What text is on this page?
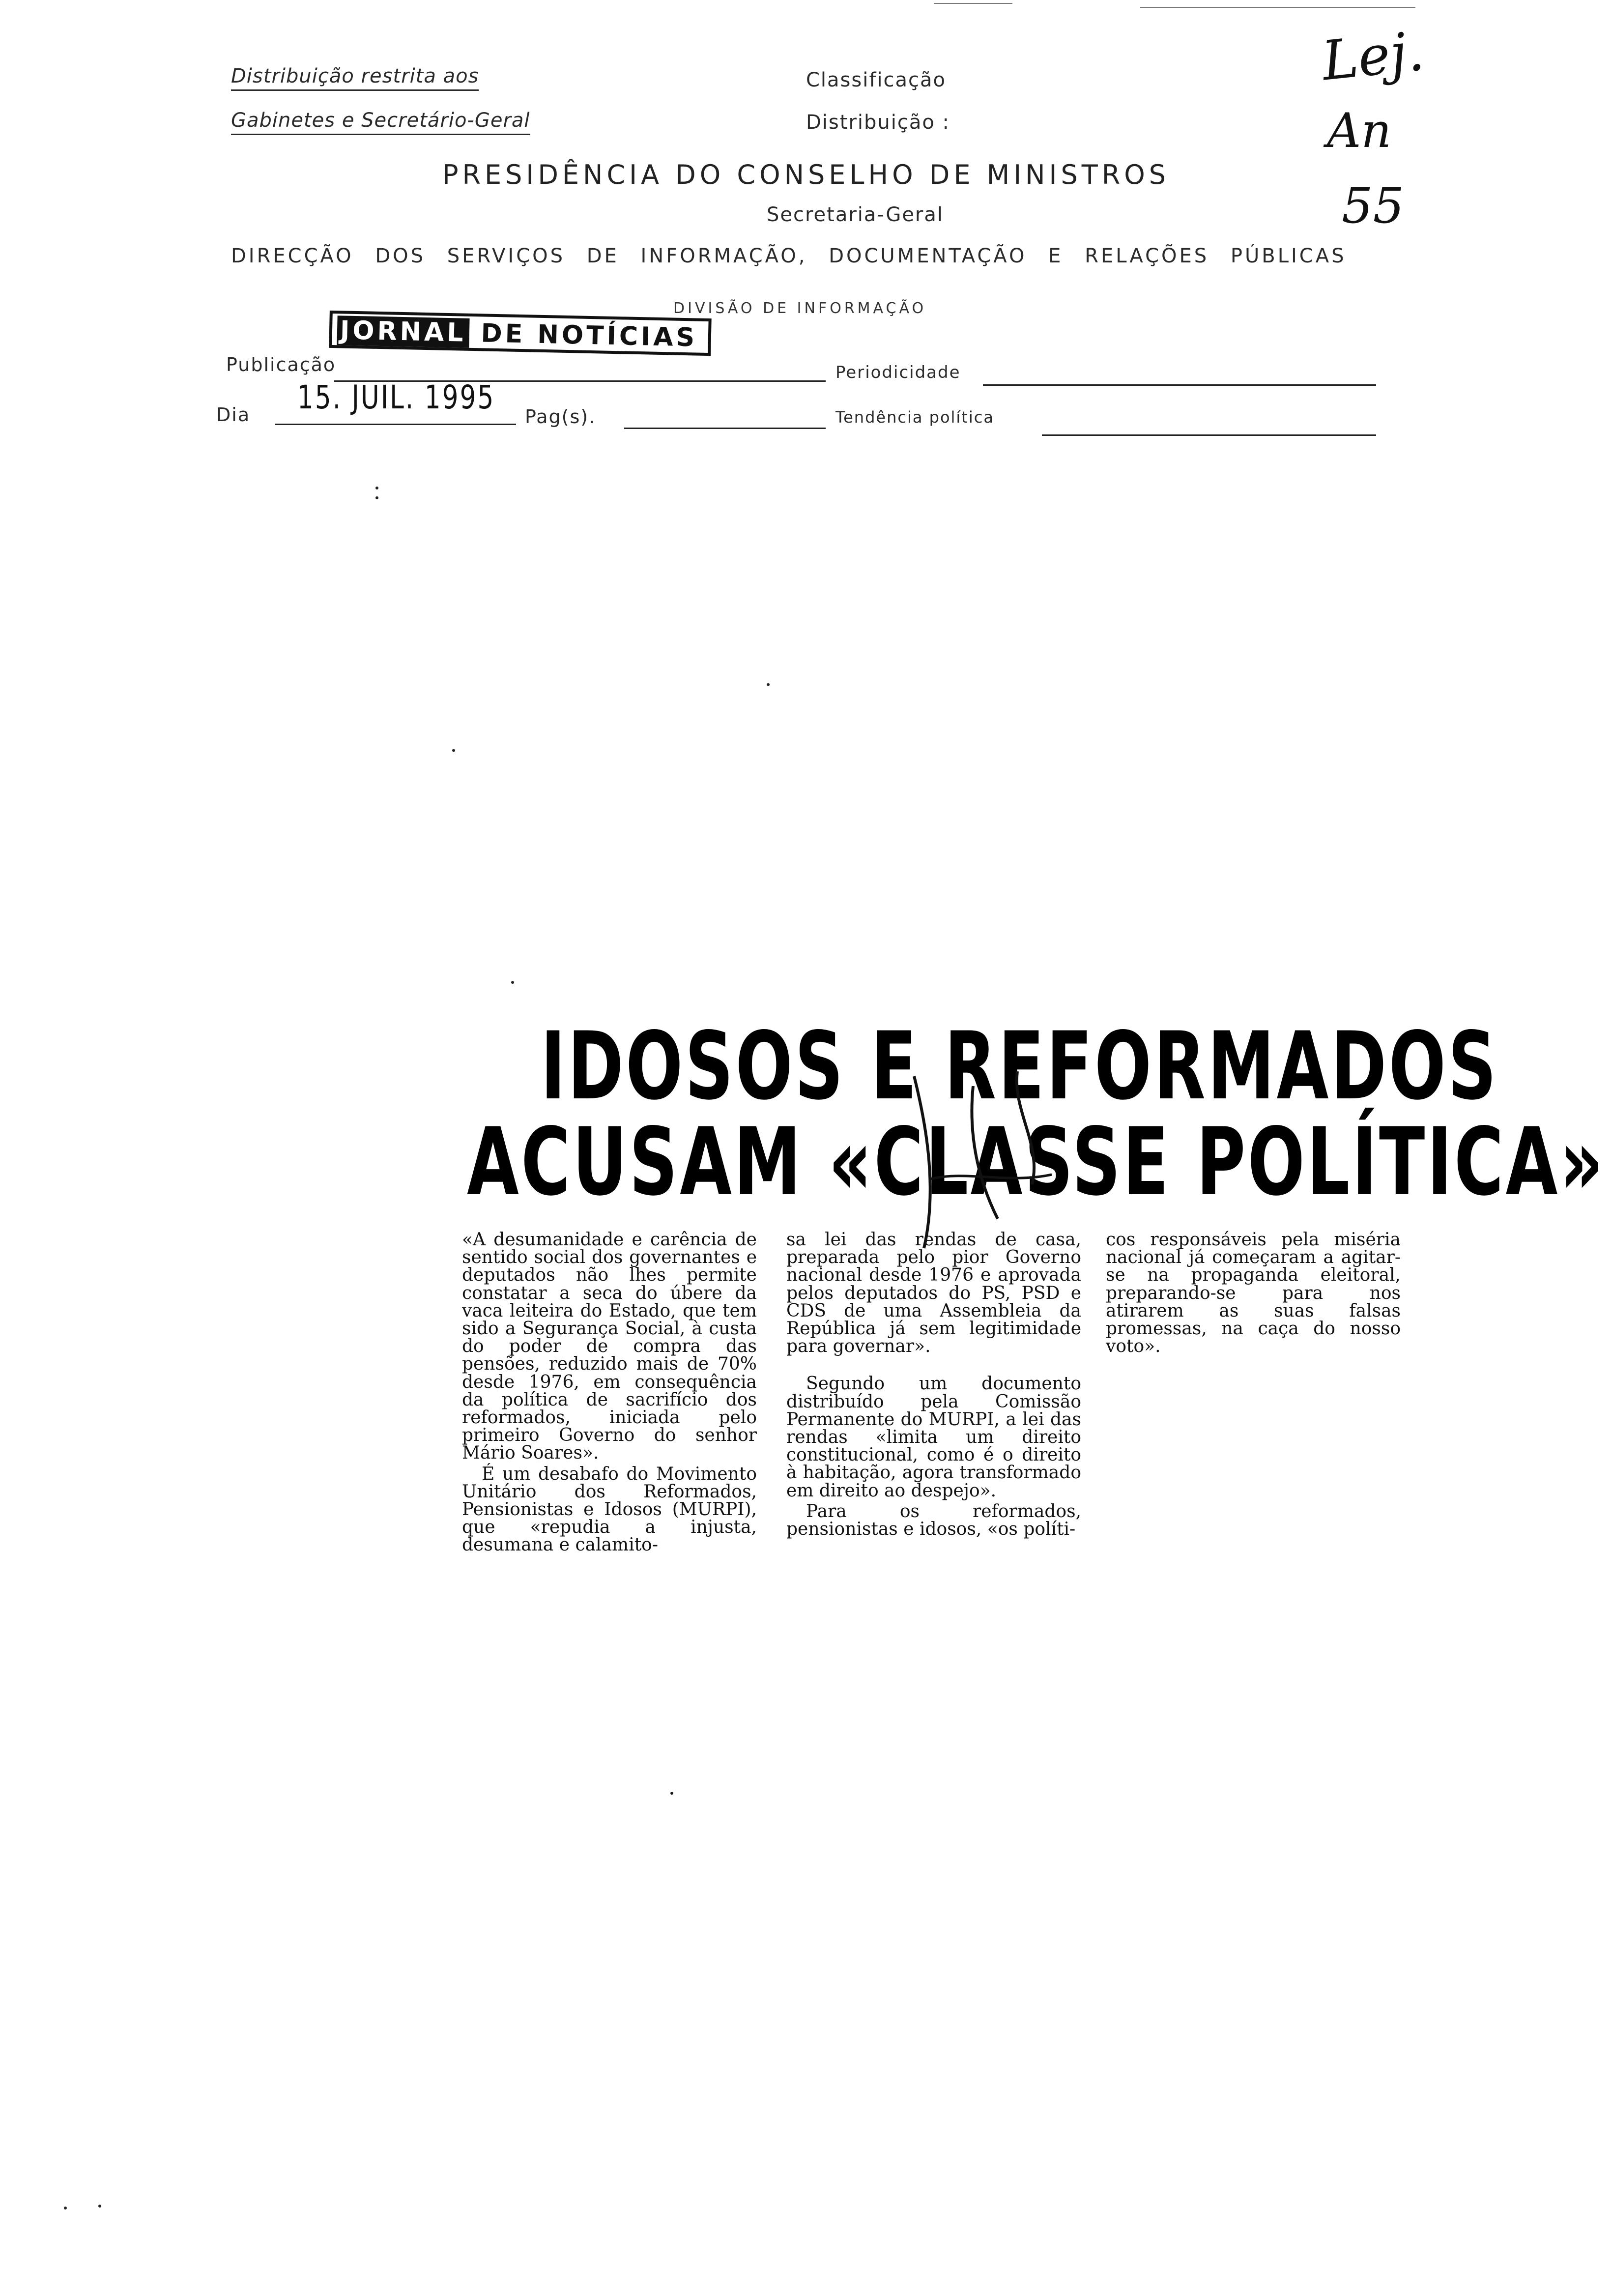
Distribuição restrita aos
Gabinetes e Secretário-Geral
Classificação
Distribuição :
Lej.
An
55
PRESIDÊNCIA DO CONSELHO DE MINISTROS
Secretaria-Geral
DIRECÇÃO DOS SERVIÇOS DE INFORMAÇÃO, DOCUMENTAÇÃO E RELAÇÕES PÚBLICAS
DIVISÃO DE INFORMAÇÃO
JORNAL DE NOTÍCIAS
Publicação	Periodicidade
Dia 15. JUIL. 1995
Pag(s).	Tendência política
IDOSOS E REFORMADOS
ACUSAM «CLASSE POLÍTICA»

«A desumanidade e carência de sentido social dos governantes e deputados não lhes permite constatar a seca do úbere da vaca leiteira do Estado, que tem sido a Segurança Social, à custa do poder de compra das pensões, reduzido mais de 70% desde 1976, em consequência da política de sacrifício dos reformados, iniciada pelo primeiro Governo do senhor Mário Soares».

É um desabafo do Movimento Unitário dos Reformados, Pensionistas e Idosos (MURPI), que «repudia a injusta, desumana e calamito-

sa lei das rendas de casa, preparada pelo pior Governo nacional desde 1976 e aprovada pelos deputados do PS, PSD e CDS de uma Assembleia da República já sem legitimidade para governar».

Segundo um documento distribuído pela Comissão Permanente do MURPI, a lei das rendas «limita um direito constitucional, como é o direito à habitação, agora transformado em direito ao despejo».

Para os reformados, pensionistas e idosos, «os políti-

cos responsáveis pela miséria nacional já começaram a agitar-se na propaganda eleitoral, preparando-se para nos atirarem as suas falsas promessas, na caça do nosso voto».
